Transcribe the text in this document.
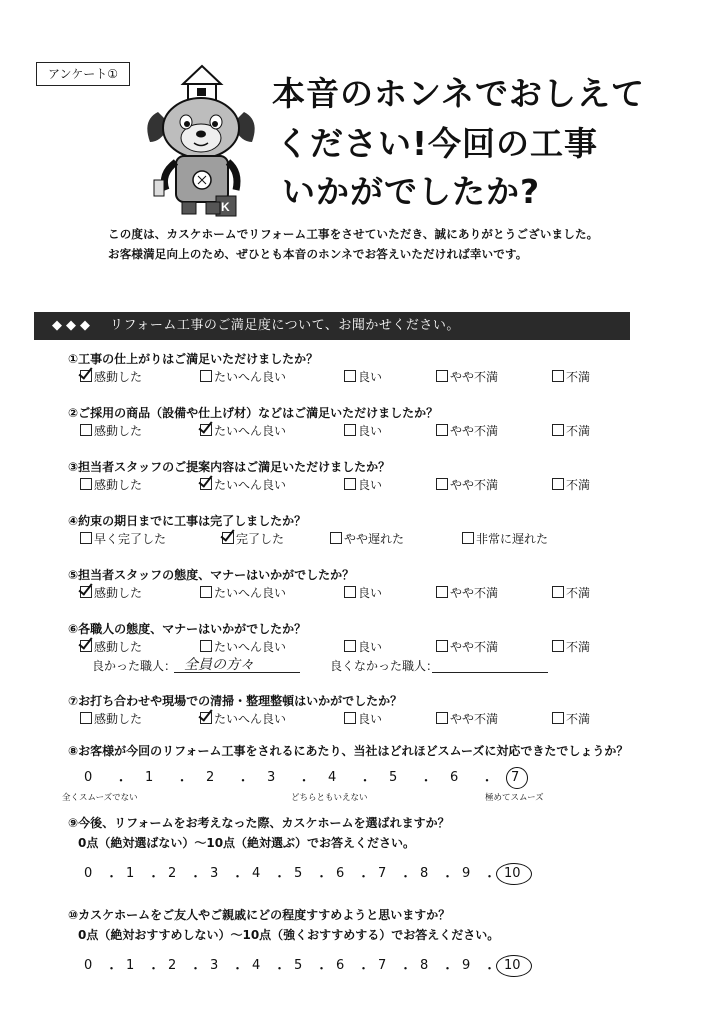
アンケート①
K
本音のホンネでおしえて
ください!今回の工事
いかがでしたか?
この度は、カスケホームでリフォーム工事をさせていただき、誠にありがとうございました。
お客様満足向上のため、ぜひとも本音のホンネでお答えいただければ幸いです。
◆◆◆ リフォーム工事のご満足度について、お聞かせください。
①工事の仕上がりはご満足いただけましたか？
感動した	たいへん良い	良い	やや不満	不満
②ご採用の商品（設備や仕上げ材）などはご満足いただけましたか？
感動した	たいへん良い	良い	やや不満	不満
③担当者スタッフのご提案内容はご満足いただけましたか？
感動した	たいへん良い	良い	やや不満	不満
④約束の期日までに工事は完了しましたか？
早く完了した	完了した	やや遅れた	非常に遅れた
⑤担当者スタッフの態度、マナーはいかがでしたか？
感動した	たいへん良い	良い	やや不満	不満
⑥各職人の態度、マナーはいかがでしたか？
感動した	たいへん良い	良い	やや不満	不満
⑦お打ち合わせや現場での清掃・整理整頓はいかがでしたか？
感動した	たいへん良い	良い	やや不満	不満
良かった職人： 全員の方々	良くなかった職人：
⑧お客様が今回のリフォーム工事をされるにあたり、当社はどれほどスムーズに対応できたでしょうか？
0 ・ 1 ・ 2 ・ 3 ・ 4 ・ 5 ・ 6 ・ 7
全くスムーズでない	どちらともいえない	極めてスムーズ
⑨今後、リフォームをお考えなった際、カスケホームを選ばれますか？
0点（絶対選ばない）～10点（絶対選ぶ）でお答えください。
0 ・ 1 ・ 2 ・ 3 ・ 4 ・ 5 ・ 6 ・ 7 ・ 8 ・ 9 ・ 10
⑩カスケホームをご友人やご親戚にどの程度すすめようと思いますか？
0点（絶対おすすめしない）～10点（強くおすすめする）でお答えください。
0 ・ 1 ・ 2 ・ 3 ・ 4 ・ 5 ・ 6 ・ 7 ・ 8 ・ 9 ・ 10
